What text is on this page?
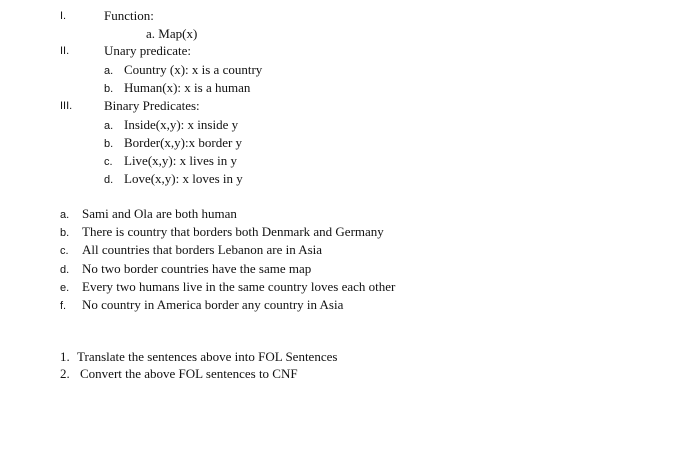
I.	Function:
a. Map(x)
II.	Unary predicate:
a. Country (x): x is a country
b. Human(x): x is a human
III. Binary Predicates:
a. Inside(x,y): x inside y
b. Border(x,y):x border y
c. Live(x,y): x lives in y
d. Love(x,y): x loves in y
a. Sami and Ola are both human
b. There is country that borders both Denmark and Germany
c. All countries that borders Lebanon are in Asia
d. No two border countries have the same map
e. Every two humans live in the same country loves each other
f. No country in America border any country in Asia
1. Translate the sentences above into FOL Sentences
2. Convert the above FOL sentences to CNF
